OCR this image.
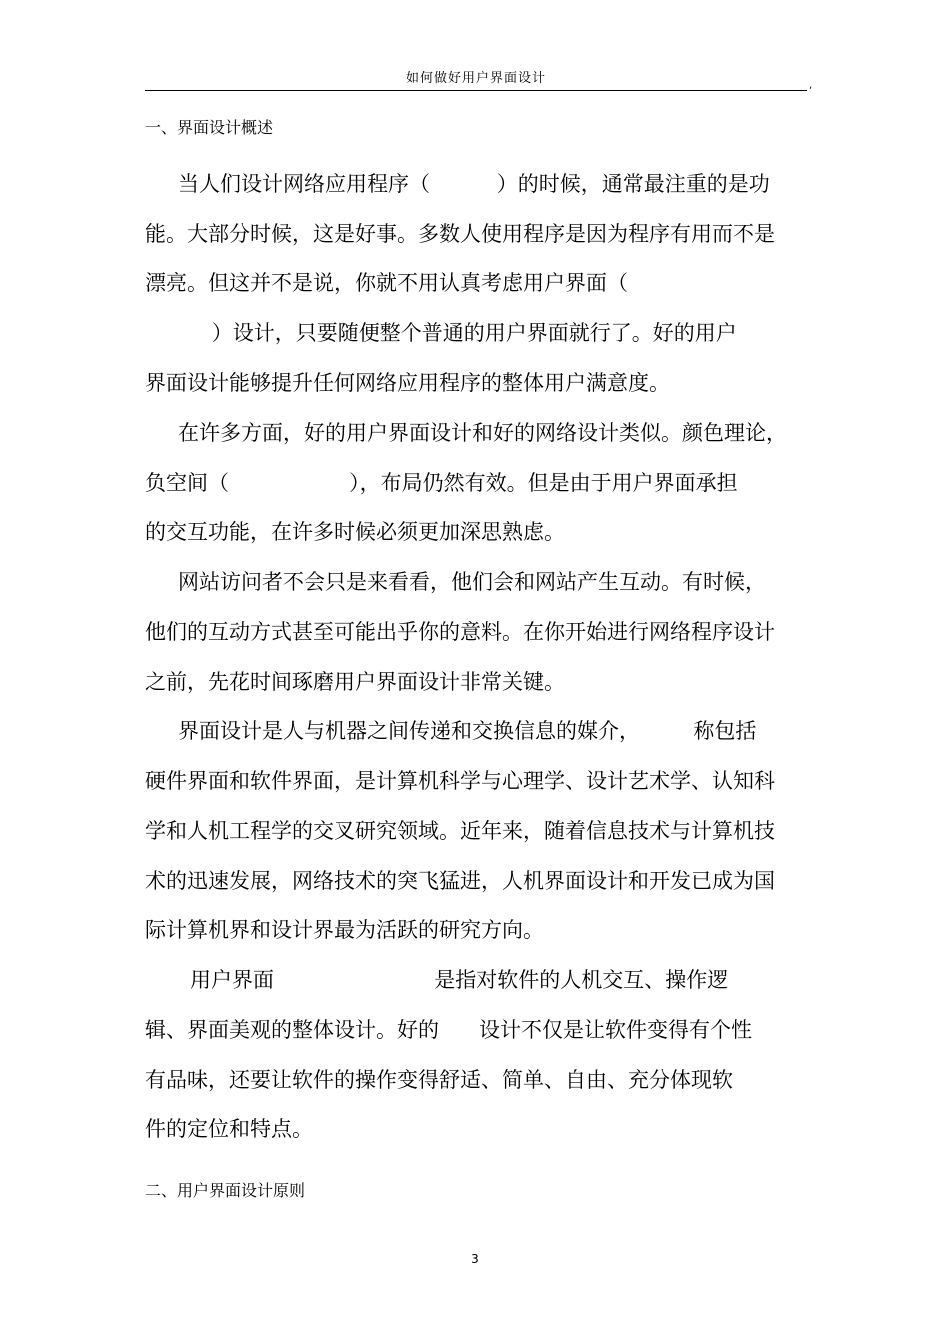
如何做好用户界面设计	,
一、界面设计概述
当人们设计网络应用程序（          ）的时候，通常最注重的是功
能。大部分时候，这是好事。多数人使用程序是因为程序有用而不是
漂亮。但这并不是说，你就不用认真考虑用户界面（
）设计，只要随便整个普通的用户界面就行了。好的用户
界面设计能够提升任何网络应用程序的整体用户满意度。
在许多方面，好的用户界面设计和好的网络设计类似。颜色理论，
负空间（                  ），布局仍然有效。但是由于用户界面承担
的交互功能，在许多时候必须更加深思熟虑。
网站访问者不会只是来看看，他们会和网站产生互动。有时候，
他们的互动方式甚至可能出乎你的意料。在你开始进行网络程序设计
之前，先花时间琢磨用户界面设计非常关键。
界面设计是人与机器之间传递和交换信息的媒介，        称包括
硬件界面和软件界面，是计算机科学与心理学、设计艺术学、认知科
学和人机工程学的交叉研究领域。近年来，随着信息技术与计算机技
术的迅速发展，网络技术的突飞猛进，人机界面设计和开发已成为国
际计算机界和设计界最为活跃的研究方向。
用户界面                        是指对软件的人机交互、操作逻
辑、界面美观的整体设计。好的      设计不仅是让软件变得有个性
有品味，还要让软件的操作变得舒适、简单、自由、充分体现软
件的定位和特点。
二、用户界面设计原则
3
